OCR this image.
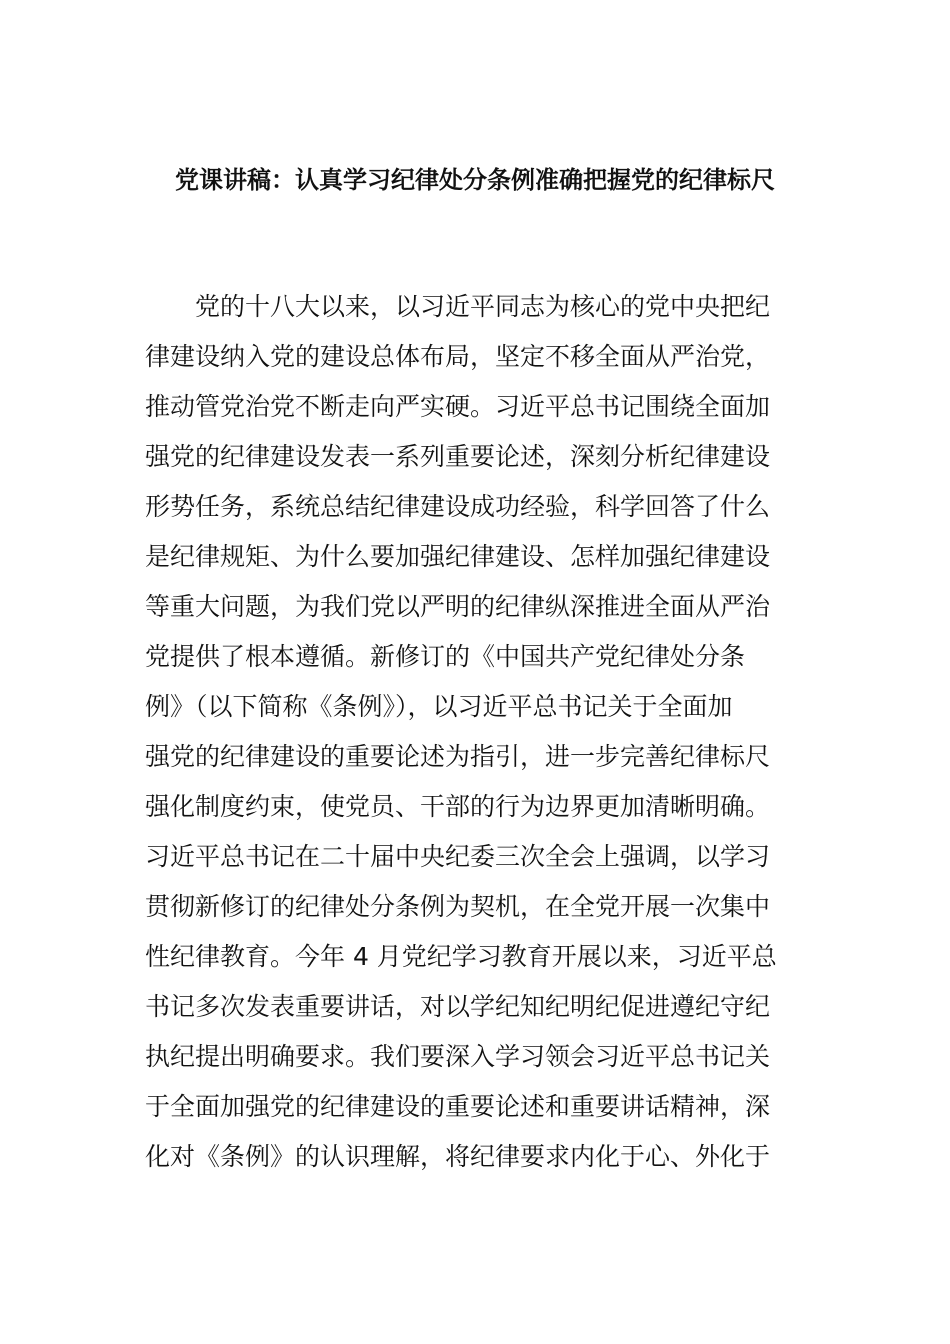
党课讲稿：认真学习纪律处分条例准确把握党的纪律标尺
　　党的十八大以来，以习近平同志为核心的党中央把纪
律建设纳入党的建设总体布局，坚定不移全面从严治党，
推动管党治党不断走向严实硬。习近平总书记围绕全面加
强党的纪律建设发表一系列重要论述，深刻分析纪律建设
形势任务，系统总结纪律建设成功经验，科学回答了什么
是纪律规矩、为什么要加强纪律建设、怎样加强纪律建设
等重大问题，为我们党以严明的纪律纵深推进全面从严治
党提供了根本遵循。新修订的《中国共产党纪律处分条
例》（以下简称《条例》），以习近平总书记关于全面加
强党的纪律建设的重要论述为指引，进一步完善纪律标尺
强化制度约束，使党员、干部的行为边界更加清晰明确。
习近平总书记在二十届中央纪委三次全会上强调，以学习
贯彻新修订的纪律处分条例为契机，在全党开展一次集中
性纪律教育。今年 4 月党纪学习教育开展以来，习近平总
书记多次发表重要讲话，对以学纪知纪明纪促进遵纪守纪
执纪提出明确要求。我们要深入学习领会习近平总书记关
于全面加强党的纪律建设的重要论述和重要讲话精神，深
化对《条例》的认识理解，将纪律要求内化于心、外化于
